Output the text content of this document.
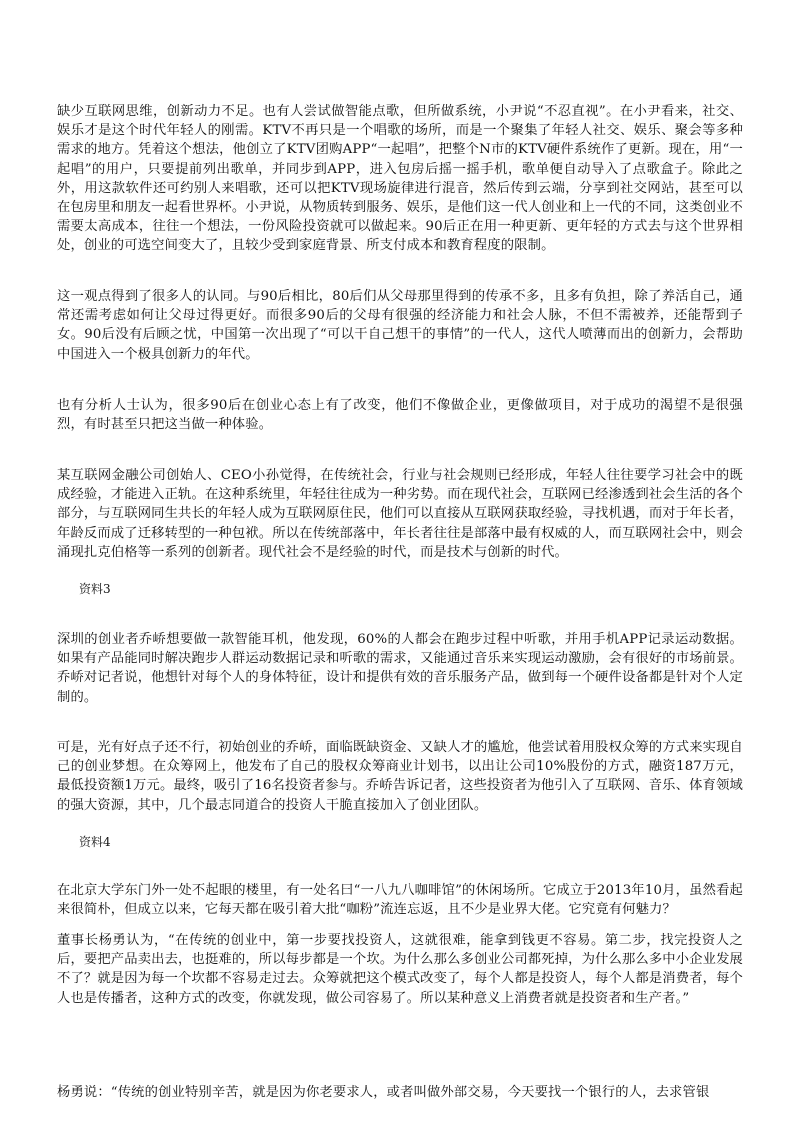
缺少互联网思维，创新动力不足。也有人尝试做智能点歌，但所做系统，小尹说“不忍直视”。在小尹看来，社交、娱乐才是这个时代年轻人的刚需。KTV不再只是一个唱歌的场所，而是一个聚集了年轻人社交、娱乐、聚会等多种需求的地方。凭着这个想法，他创立了KTV团购APP“一起唱”，把整个N市的KTV硬件系统作了更新。现在，用“一起唱”的用户，只要提前列出歌单，并同步到APP，进入包房后摇一摇手机，歌单便自动导入了点歌盒子。除此之外，用这款软件还可约别人来唱歌，还可以把KTV现场旋律进行混音，然后传到云端，分享到社交网站，甚至可以在包房里和朋友一起看世界杯。小尹说，从物质转到服务、娱乐，是他们这一代人创业和上一代的不同，这类创业不需要太高成本，往往一个想法，一份风险投资就可以做起来。90后正在用一种更新、更年轻的方式去与这个世界相处，创业的可选空间变大了，且较少受到家庭背景、所支付成本和教育程度的限制。

这一观点得到了很多人的认同。与90后相比，80后们从父母那里得到的传承不多，且多有负担，除了养活自己，通常还需考虑如何让父母过得更好。而很多90后的父母有很强的经济能力和社会人脉，不但不需被养，还能帮到子女。90后没有后顾之忧，中国第一次出现了“可以干自己想干的事情”的一代人，这代人喷薄而出的创新力，会帮助中国进入一个极具创新力的年代。

也有分析人士认为，很多90后在创业心态上有了改变，他们不像做企业，更像做项目，对于成功的渴望不是很强烈，有时甚至只把这当做一种体验。

某互联网金融公司创始人、CEO小孙觉得，在传统社会，行业与社会规则已经形成，年轻人往往要学习社会中的既成经验，才能进入正轨。在这种系统里，年轻往往成为一种劣势。而在现代社会，互联网已经渗透到社会生活的各个部分，与互联网同生共长的年轻人成为互联网原住民，他们可以直接从互联网获取经验，寻找机遇，而对于年长者，年龄反而成了迁移转型的一种包袱。所以在传统部落中，年长者往往是部落中最有权威的人，而互联网社会中，则会涌现扎克伯格等一系列的创新者。现代社会不是经验的时代，而是技术与创新的时代。

资料3

深圳的创业者乔峤想要做一款智能耳机，他发现，60%的人都会在跑步过程中听歌，并用手机APP记录运动数据。如果有产品能同时解决跑步人群运动数据记录和听歌的需求，又能通过音乐来实现运动激励，会有很好的市场前景。乔峤对记者说，他想针对每个人的身体特征，设计和提供有效的音乐服务产品，做到每一个硬件设备都是针对个人定制的。

可是，光有好点子还不行，初始创业的乔峤，面临既缺资金、又缺人才的尴尬，他尝试着用股权众筹的方式来实现自己的创业梦想。在众筹网上，他发布了自己的股权众筹商业计划书，以出让公司10%股份的方式，融资187万元，最低投资额1万元。最终，吸引了16名投资者参与。乔峤告诉记者，这些投资者为他引入了互联网、音乐、体育领域的强大资源，其中，几个最志同道合的投资人干脆直接加入了创业团队。

资料4

在北京大学东门外一处不起眼的楼里，有一处名曰“一八九八咖啡馆”的休闲场所。它成立于2013年10月，虽然看起来很简朴，但成立以来，它每天都在吸引着大批“咖粉”流连忘返，且不少是业界大佬。它究竟有何魅力？

董事长杨勇认为，“在传统的创业中，第一步要找投资人，这就很难，能拿到钱更不容易。第二步，找完投资人之后，要把产品卖出去，也挺难的，所以每步都是一个坎。为什么那么多创业公司都死掉，为什么那么多中小企业发展不了？就是因为每一个坎都不容易走过去。众筹就把这个模式改变了，每个人都是投资人，每个人都是消费者，每个人也是传播者，这种方式的改变，你就发现，做公司容易了。所以某种意义上消费者就是投资者和生产者。”

杨勇说：“传统的创业特别辛苦，就是因为你老要求人，或者叫做外部交易，今天要找一个银行的人，去求管银
